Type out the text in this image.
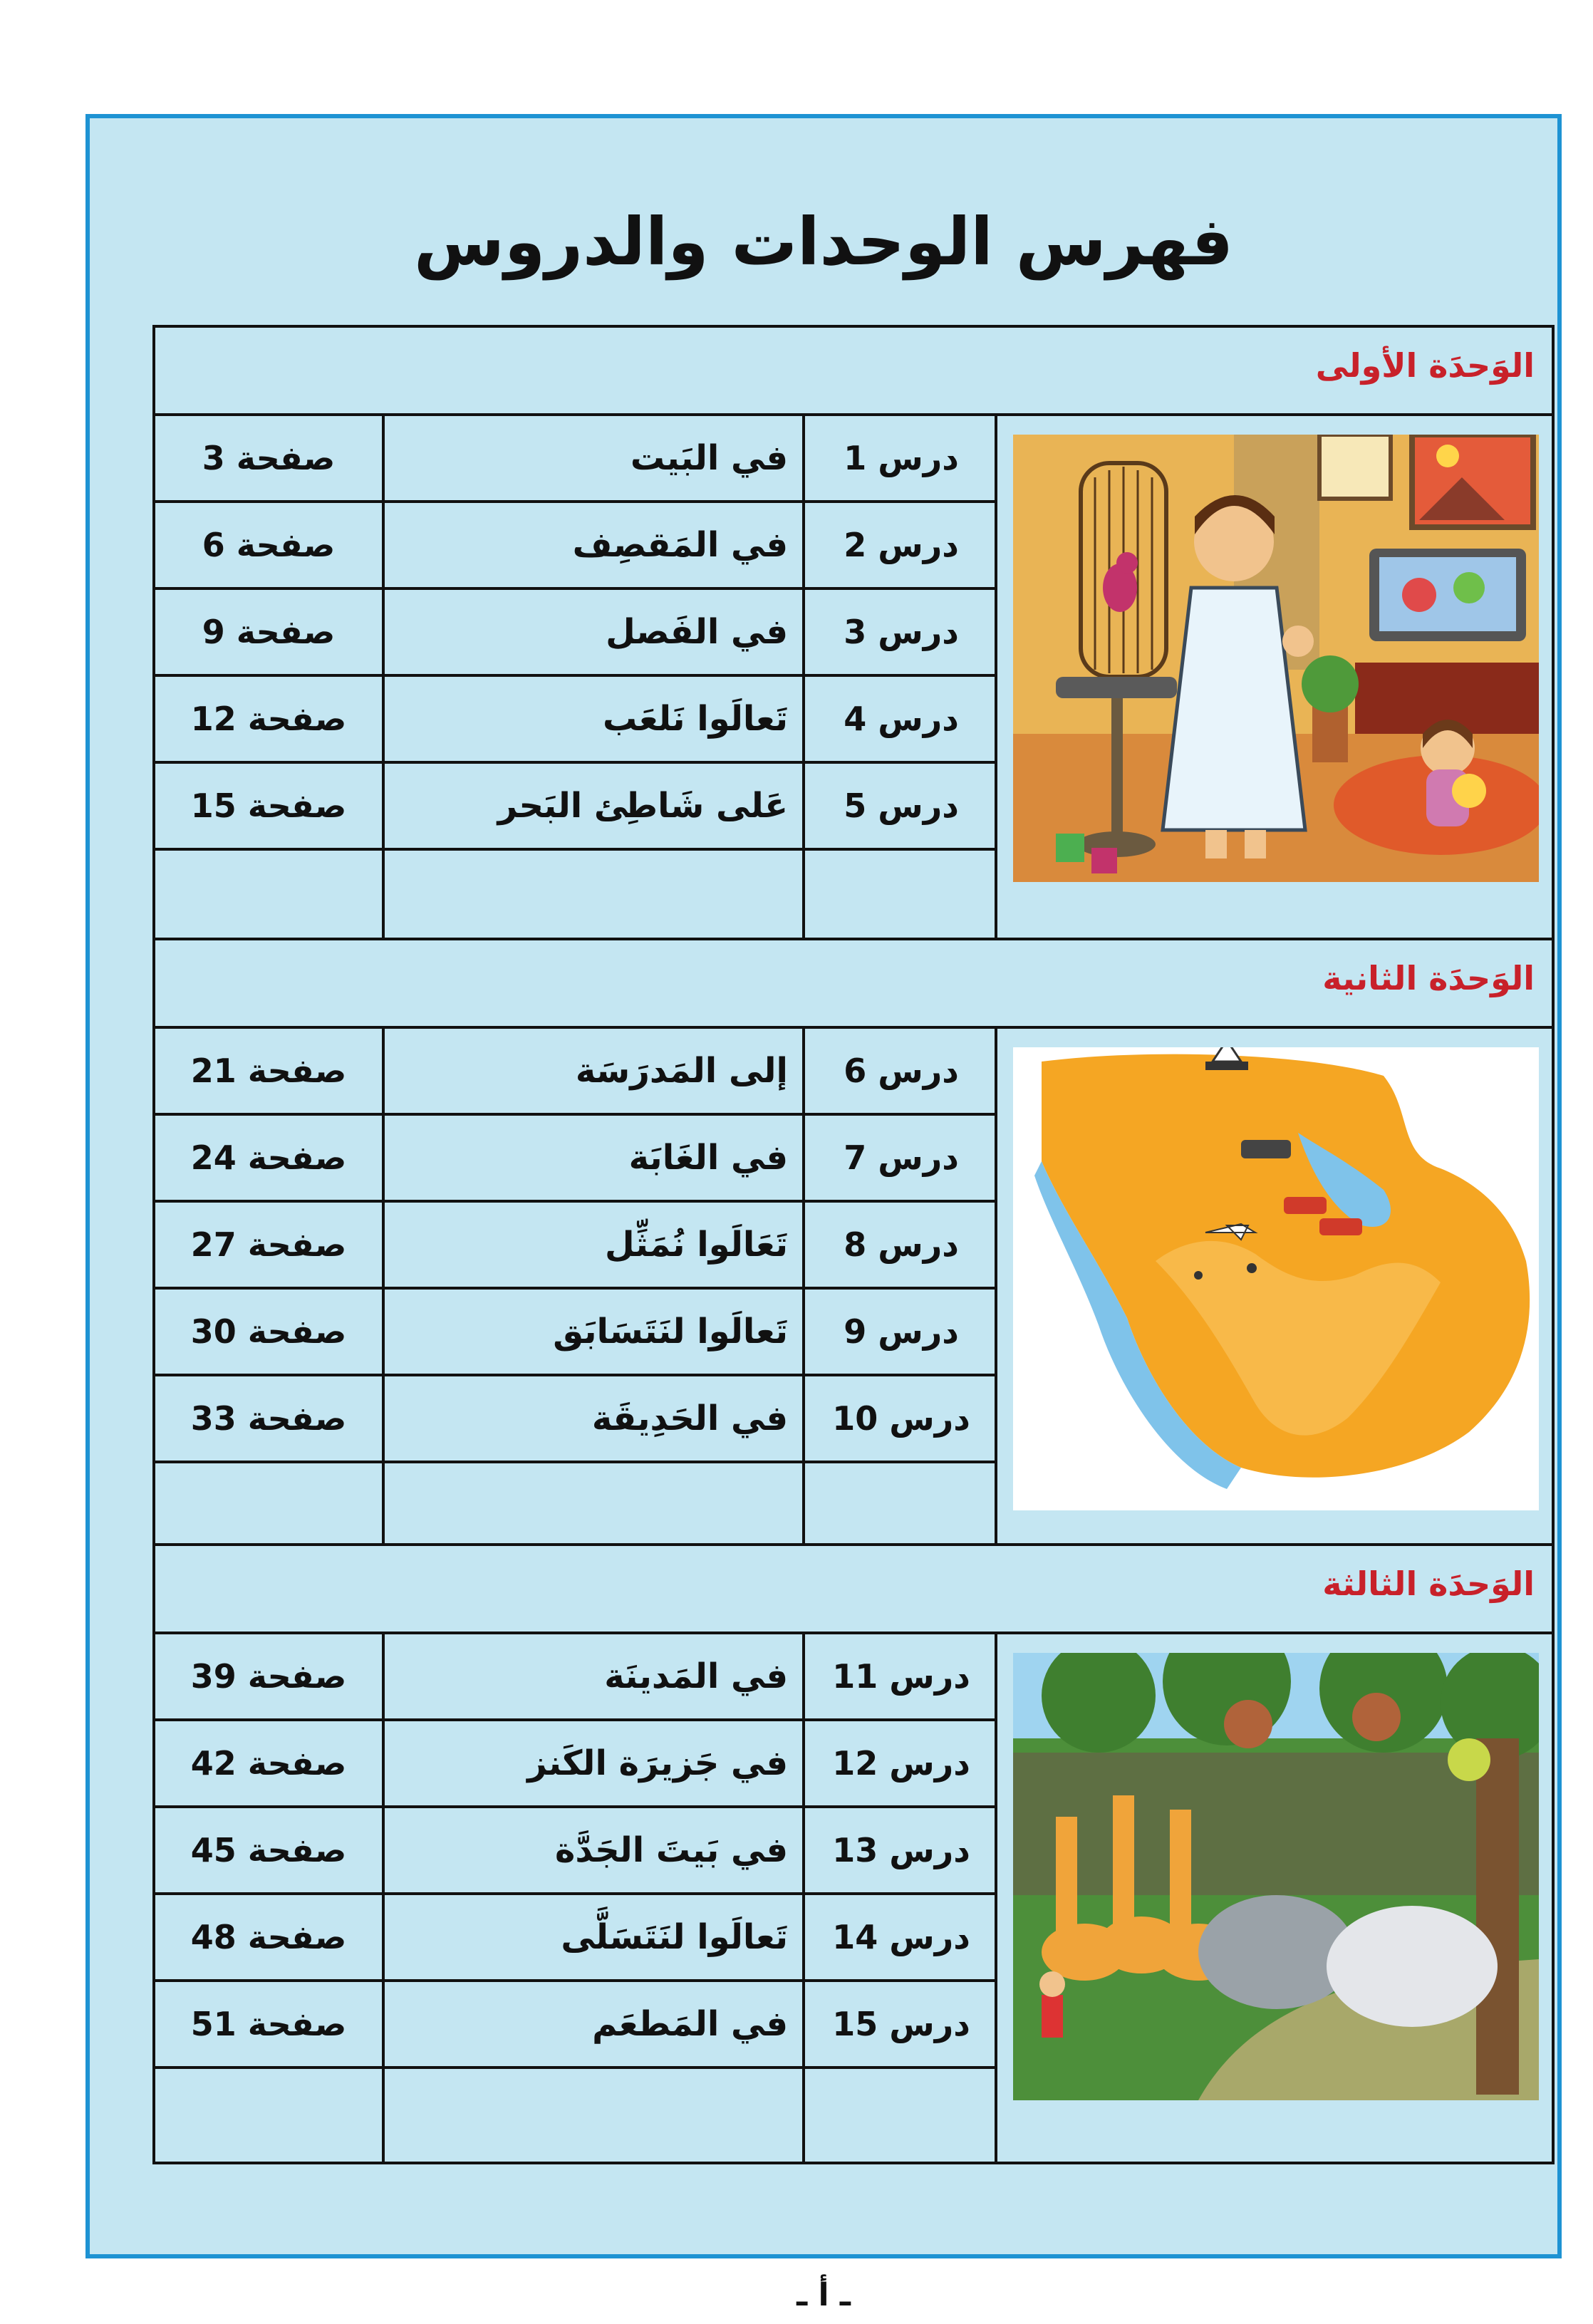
فهرس الوحدات والدروس
الوَحدَة الأولى
درس 1
في البَيت
صفحة 3
درس 2
في المَقصِف
صفحة 6
درس 3
في الفَصل
صفحة 9
درس 4
تَعالَوا نَلعَب
صفحة 12
درس 5
عَلى شَاطِئ البَحر
صفحة 15
الوَحدَة الثانية
درس 6
إلى المَدرَسَة
صفحة 21
درس 7
في الغَابَة
صفحة 24
درس 8
تَعَالَوا نُمَثِّل
صفحة 27
درس 9
تَعالَوا لنَتَسَابَق
صفحة 30
درس 10
في الحَدِيقَة
صفحة 33
الوَحدَة الثالثة
درس 11
في المَدينَة
صفحة 39
درس 12
في جَزيرَة الكَنز
صفحة 42
درس 13
في بَيتَ الجَدَّة
صفحة 45
درس 14
تَعالَوا لنَتَسَلَّى
صفحة 48
درس 15
في المَطعَم
صفحة 51
ـ أ ـ
